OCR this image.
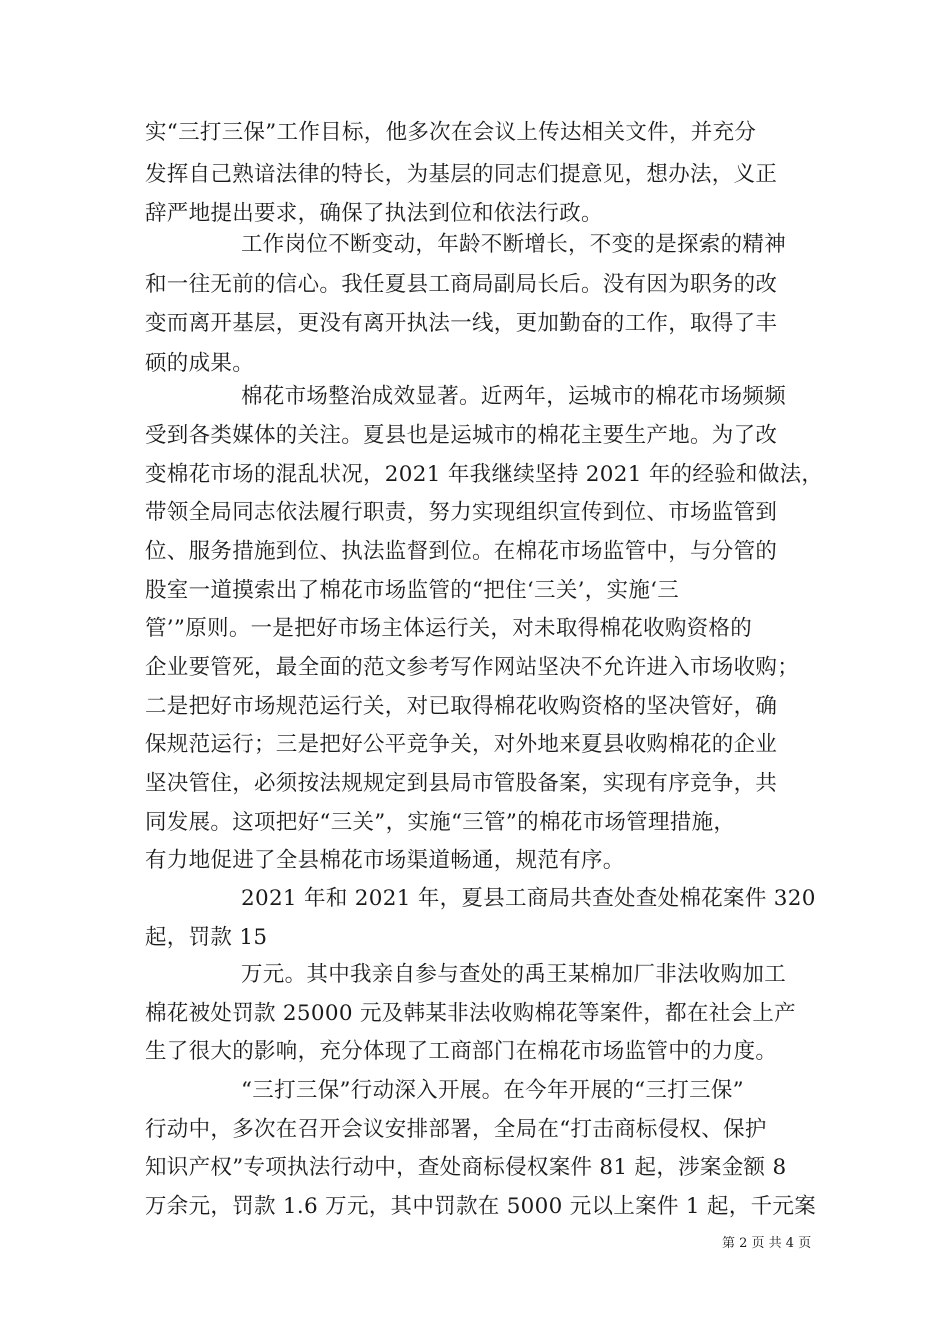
实“三打三保”工作目标，他多次在会议上传达相关文件，并充分
发挥自己熟谙法律的特长，为基层的同志们提意见，想办法，义正
辞严地提出要求，确保了执法到位和依法行政。
工作岗位不断变动，年龄不断增长，不变的是探索的精神
和一往无前的信心。我任夏县工商局副局长后。没有因为职务的改
变而离开基层，更没有离开执法一线，更加勤奋的工作，取得了丰
硕的成果。
棉花市场整治成效显著。近两年，运城市的棉花市场频频
受到各类媒体的关注。夏县也是运城市的棉花主要生产地。为了改
变棉花市场的混乱状况，2021 年我继续坚持 2021 年的经验和做法，
带领全局同志依法履行职责，努力实现组织宣传到位、市场监管到
位、服务措施到位、执法监督到位。在棉花市场监管中，与分管的
股室一道摸索出了棉花市场监管的“把住‘三关’，实施‘三
管’”原则。一是把好市场主体运行关，对未取得棉花收购资格的
企业要管死，最全面的范文参考写作网站坚决不允许进入市场收购；
二是把好市场规范运行关，对已取得棉花收购资格的坚决管好，确
保规范运行；三是把好公平竞争关，对外地来夏县收购棉花的企业
坚决管住，必须按法规规定到县局市管股备案，实现有序竞争，共
同发展。这项把好“三关”，实施“三管”的棉花市场管理措施，
有力地促进了全县棉花市场渠道畅通，规范有序。
2021 年和 2021 年，夏县工商局共查处查处棉花案件 320
起，罚款 15
万元。其中我亲自参与查处的禹王某棉加厂非法收购加工
棉花被处罚款 25000 元及韩某非法收购棉花等案件，都在社会上产
生了很大的影响，充分体现了工商部门在棉花市场监管中的力度。
“三打三保”行动深入开展。在今年开展的“三打三保”
行动中，多次在召开会议安排部署，全局在“打击商标侵权、保护
知识产权”专项执法行动中，查处商标侵权案件 81 起，涉案金额 8
万余元，罚款 1.6 万元，其中罚款在 5000 元以上案件 1 起，千元案
第 2 页 共 4 页
